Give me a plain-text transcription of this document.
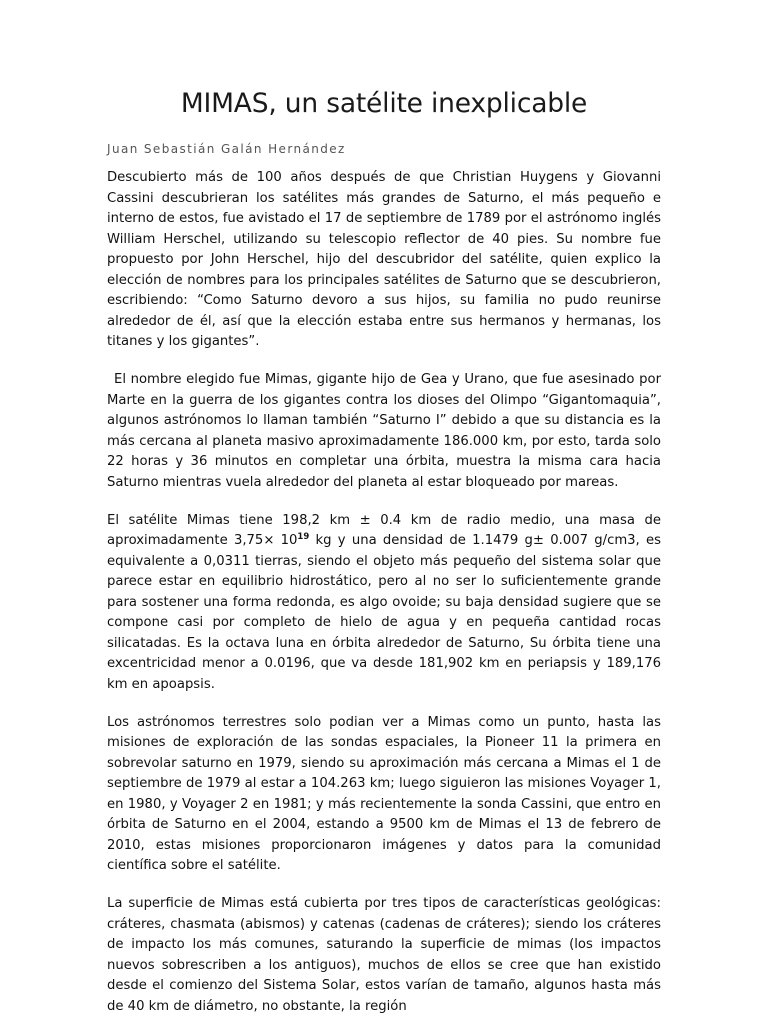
MIMAS, un satélite inexplicable
Juan Sebastián Galán Hernández

Descubierto más de 100 años después de que Christian Huygens y Giovanni Cassini descubrieran los satélites más grandes de Saturno, el más pequeño e interno de estos, fue avistado el 17 de septiembre de 1789 por el astrónomo inglés William Herschel, utilizando su telescopio reflector de 40 pies. Su nombre fue propuesto por John Herschel, hijo del descubridor del satélite, quien explico la elección de nombres para los principales satélites de Saturno que se descubrieron, escribiendo: “Como Saturno devoro a sus hijos, su familia no pudo reunirse alrededor de él, así que la elección estaba entre sus hermanos y hermanas, los titanes y los gigantes”.

El nombre elegido fue Mimas, gigante hijo de Gea y Urano, que fue asesinado por Marte en la guerra de los gigantes contra los dioses del Olimpo “Gigantomaquia”, algunos astrónomos lo llaman también “Saturno I” debido a que su distancia es la más cercana al planeta masivo aproximadamente 186.000 km, por esto, tarda solo 22 horas y 36 minutos en completar una órbita, muestra la misma cara hacia Saturno mientras vuela alrededor del planeta al estar bloqueado por mareas.

El satélite Mimas tiene 198,2 km ± 0.4 km de radio medio, una masa de aproximadamente $3,75\times 10^{19}$ kg y una densidad de 1.1479 g± 0.007 g/cm3, es equivalente a 0,0311 tierras, siendo el objeto más pequeño del sistema solar que parece estar en equilibrio hidrostático, pero al no ser lo suficientemente grande para sostener una forma redonda, es algo ovoide; su baja densidad sugiere que se compone casi por completo de hielo de agua y en pequeña cantidad rocas silicatadas. Es la octava luna en órbita alrededor de Saturno, Su órbita tiene una excentricidad menor a 0.0196, que va desde 181,902 km en periapsis y 189,176 km en apoapsis.

Los astrónomos terrestres solo podian ver a Mimas como un punto, hasta las misiones de exploración de las sondas espaciales, la Pioneer 11 la primera en sobrevolar saturno en 1979, siendo su aproximación más cercana a Mimas el 1 de septiembre de 1979 al estar a 104.263 km; luego siguieron las misiones Voyager 1, en 1980, y Voyager 2 en 1981; y más recientemente la sonda Cassini, que entro en órbita de Saturno en el 2004, estando a 9500 km de Mimas el 13 de febrero de 2010, estas misiones proporcionaron imágenes y datos para la comunidad científica sobre el satélite.

La superficie de Mimas está cubierta por tres tipos de características geológicas: cráteres, chasmata (abismos) y catenas (cadenas de cráteres); siendo los cráteres de impacto los más comunes, saturando la superficie de mimas (los impactos nuevos sobrescriben a los antiguos), muchos de ellos se cree que han existido desde el comienzo del Sistema Solar, estos varían de tamaño, algunos hasta más de 40 km de diámetro, no obstante, la región
